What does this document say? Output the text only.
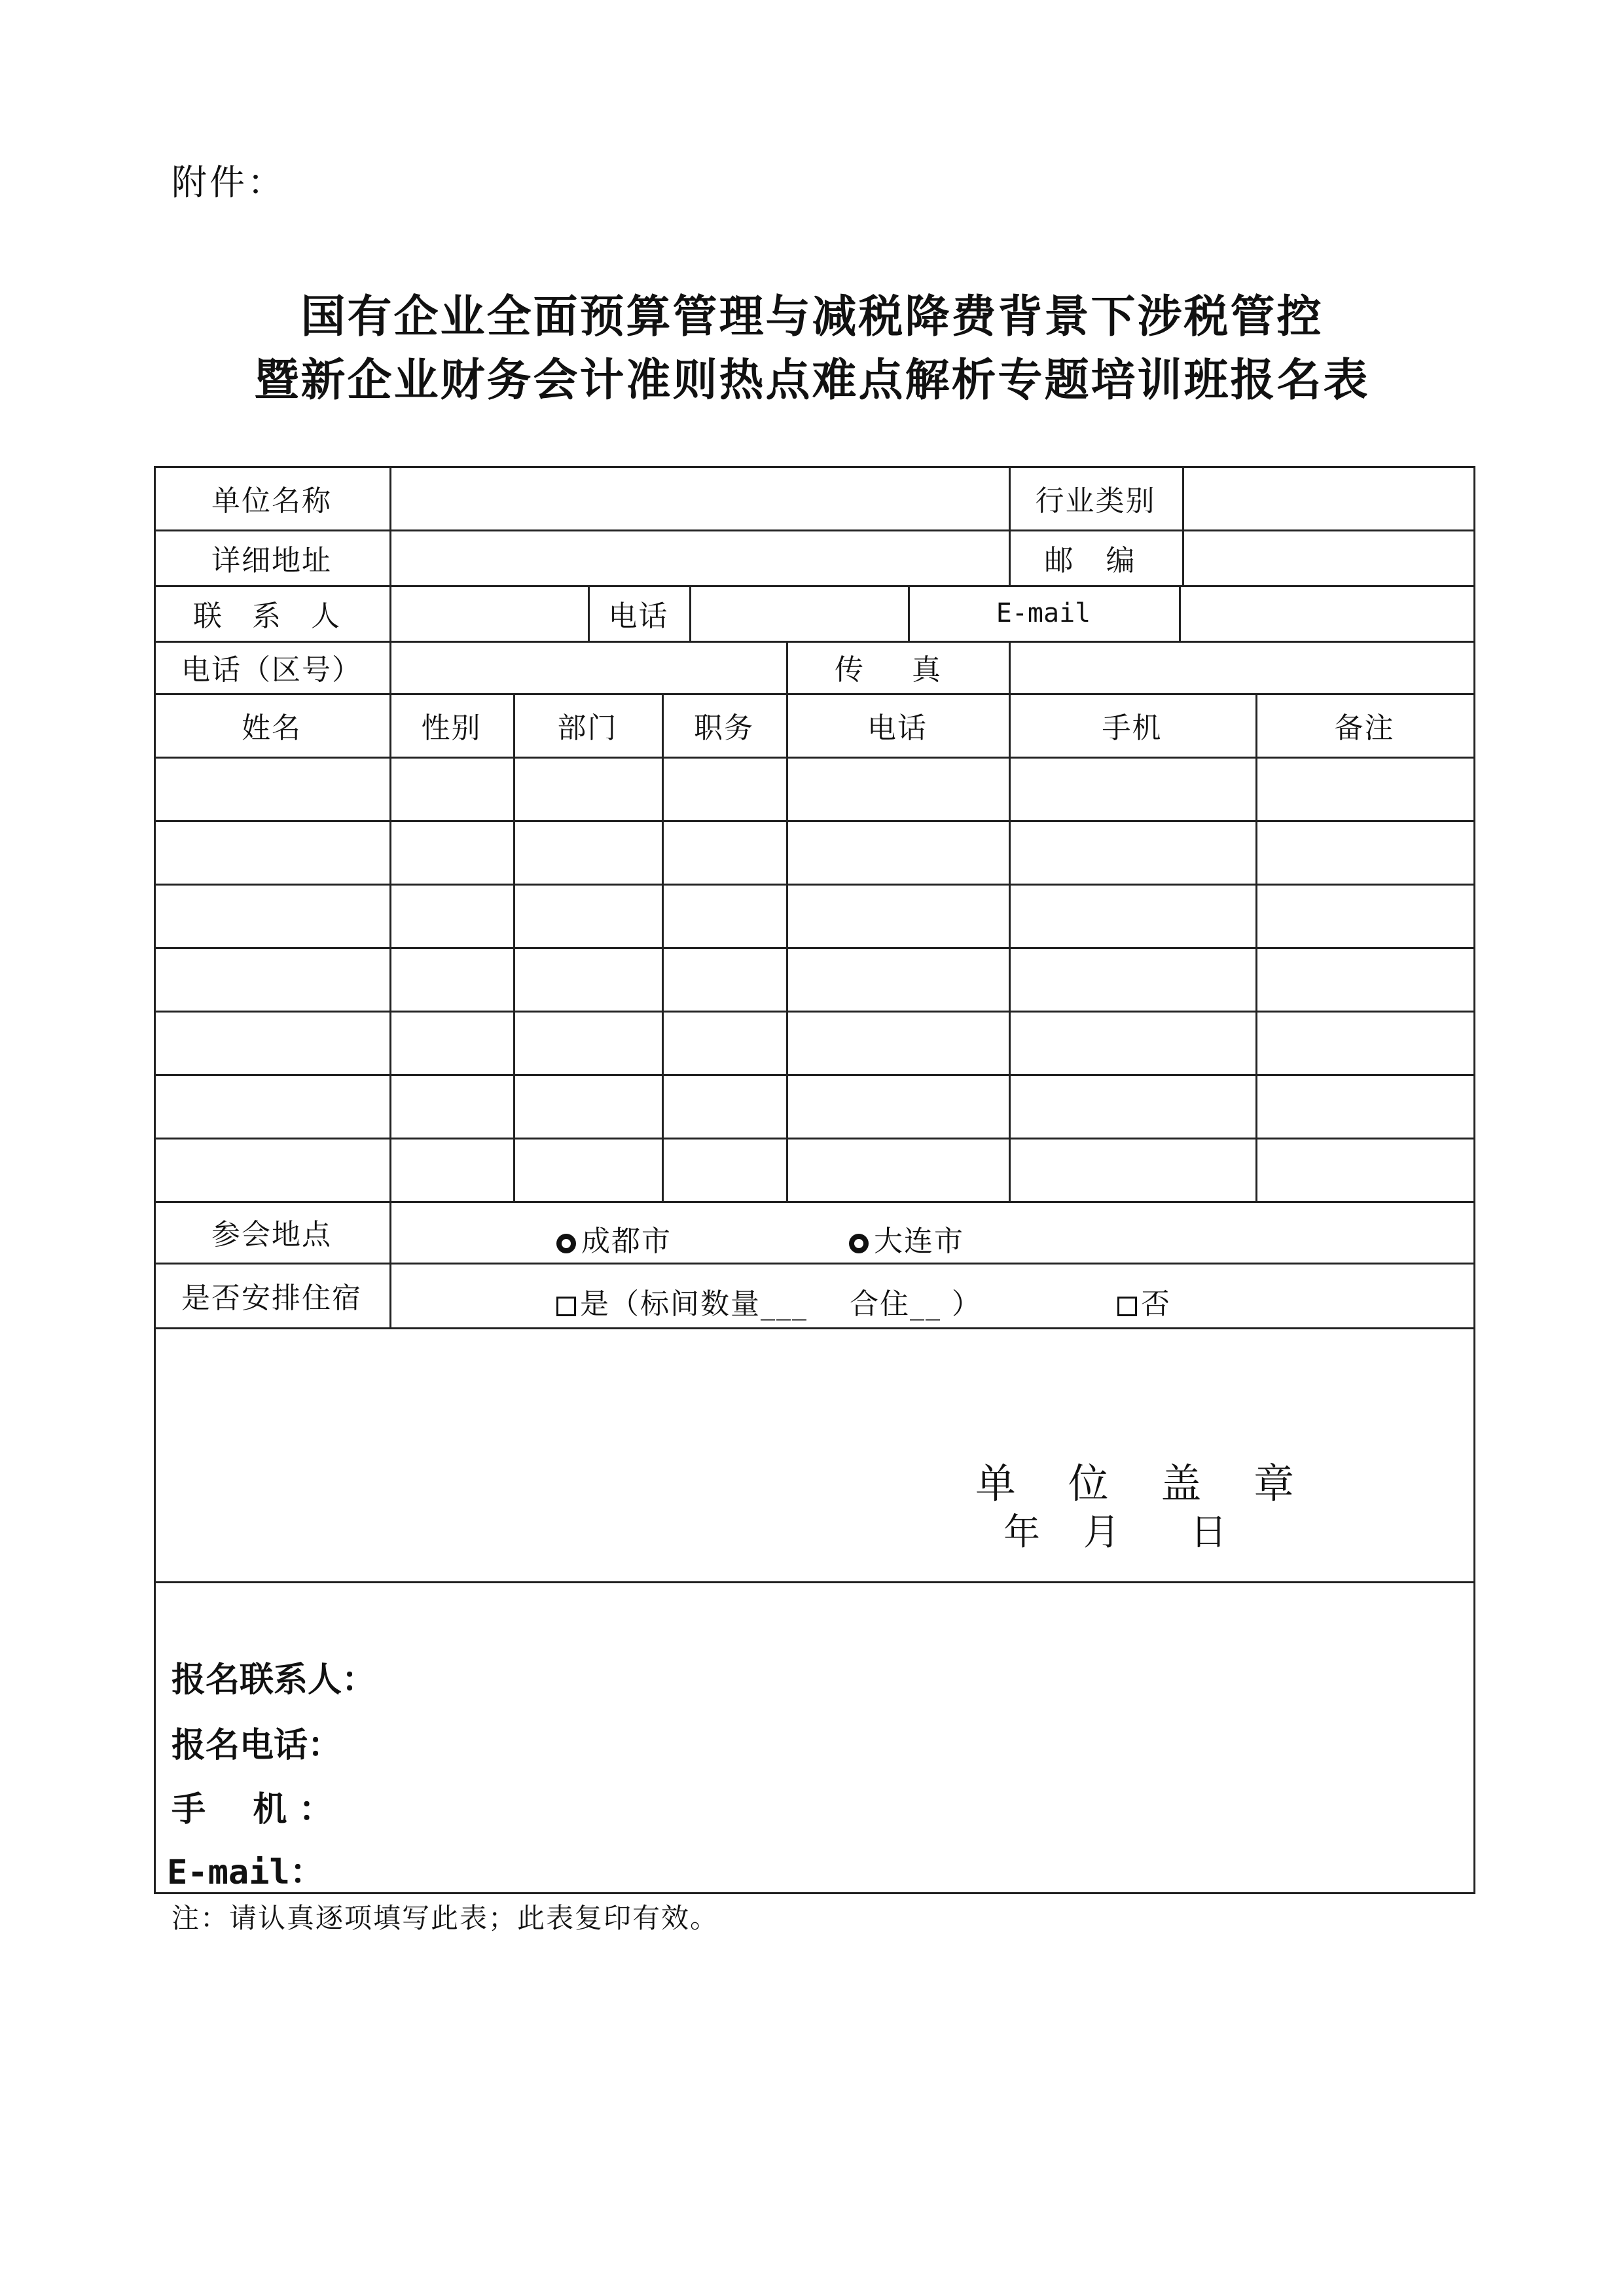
附件：
国有企业全面预算管理与减税降费背景下涉税管控
暨新企业财务会计准则热点难点解析专题培训班报名表
单位名称	行业类别
详细地址	邮 编
联 系 人	电话	E-mail
电话（区号）	传 真
姓名	性别	部门	职务	电话	手机	备注
参会地点	成都市	大连市
是否安排住宿	是（标间数量___    合住__ ）	否
单 位 盖 章
年 月  日
报名联系人：
报名电话：
手    机 ：
E-mail：
注：请认真逐项填写此表；此表复印有效。
